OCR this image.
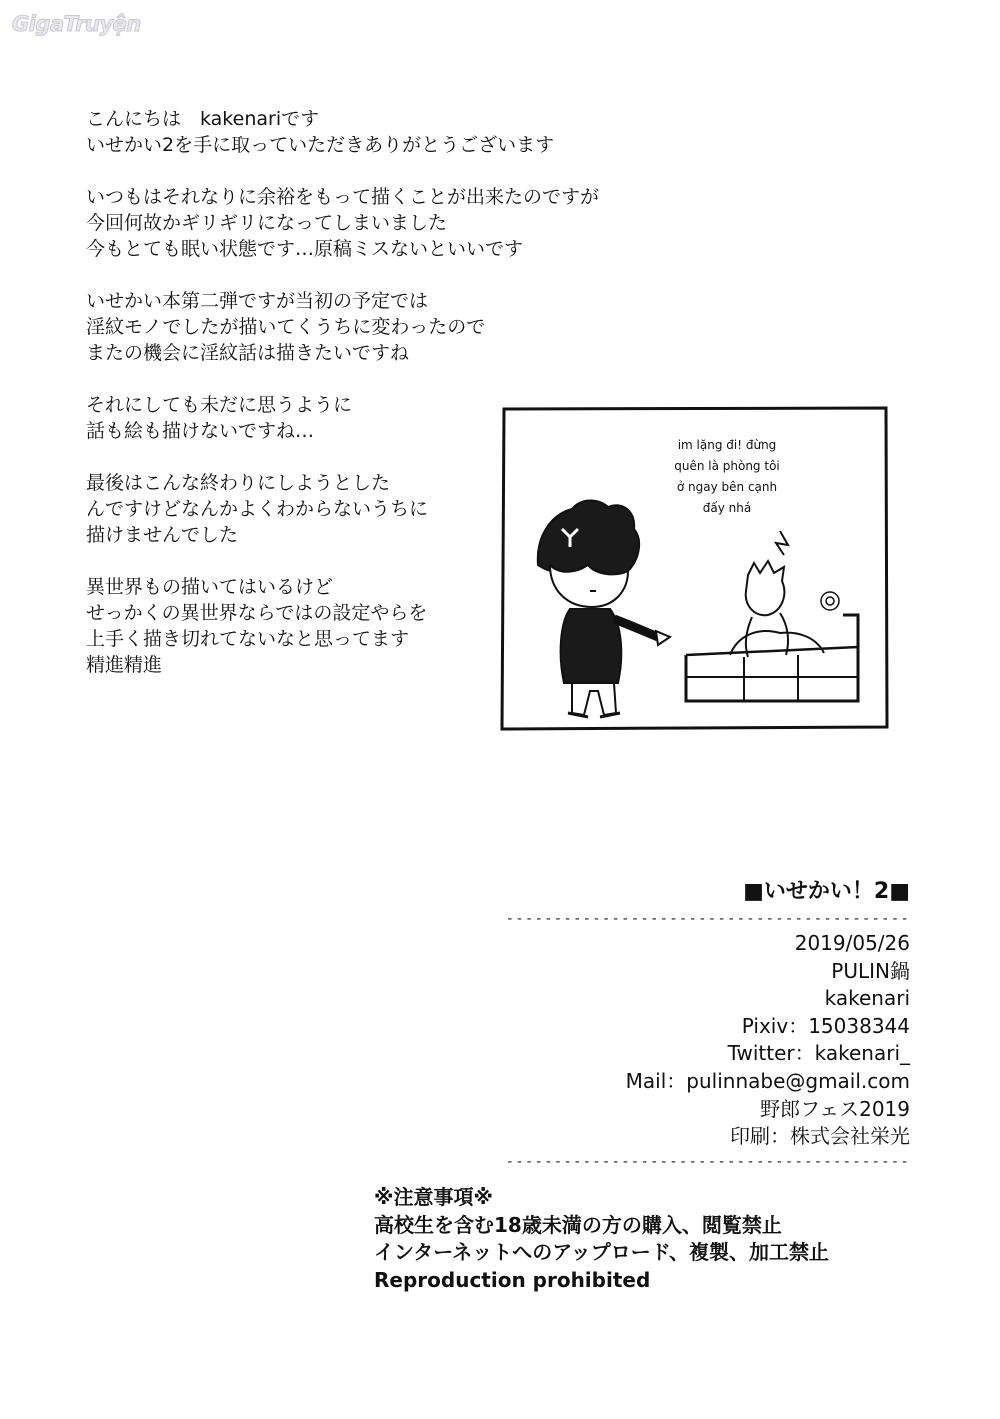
GigaTruyện
こんにちは　kakenariです
いせかい2を手に取っていただきありがとうございます
いつもはそれなりに余裕をもって描くことが出来たのですが
今回何故かギリギリになってしまいました
今もとても眠い状態です…原稿ミスないといいです
いせかい本第二弾ですが当初の予定では
淫紋モノでしたが描いてくうちに変わったので
またの機会に淫紋話は描きたいですね
それにしても未だに思うように
話も絵も描けないですね…
最後はこんな終わりにしようとした
んですけどなんかよくわからないうちに
描けませんでした
異世界もの描いてはいるけど
せっかくの異世界ならではの設定やらを
上手く描き切れてないなと思ってます
精進精進
im lặng đi! đừng
quên là phòng tôi
ở ngay bên cạnh
đấy nhá
■いせかい！2■
------------------------------------------
2019/05/26
PULIN鍋
kakenari
Pixiv：15038344
Twitter：kakenari_
Mail：pulinnabe@gmail.com
野郎フェス2019
印刷：株式会社栄光
------------------------------------------
※注意事項※
高校生を含む18歳未満の方の購入、閲覧禁止
インターネットへのアップロード、複製、加工禁止
Reproduction prohibited
